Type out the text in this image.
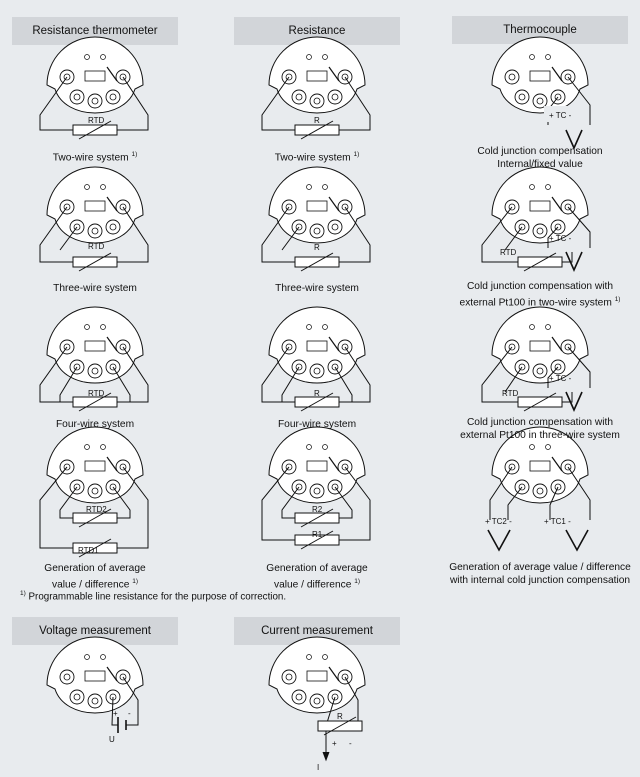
Resistance thermometer	Resistance	Thermocouple
Voltage measurement	Current measurement
RTD
RTD
RTD
RTD2
RTD1
R
R
R
R2
R1
+ TC -
+ TC -
RTD
+ TC -
RTD
+ TC2 -	+ TC1 -
+ -
U
R
+ -
I
Two-wire system $^{1)}$
Three-wire system
Four-wire system
Generation of average
value / difference $^{1)}$
Two-wire system $^{1)}$
Three-wire system
Four-wire system
Generation of average
value / difference $^{1)}$
Cold junction compensation
Internal/fixed value
Cold junction compensation with
external Pt100 in two-wire system $^{1)}$
Cold junction compensation with
external Pt100 in three-wire system
Generation of average value / difference
with internal cold junction compensation
$^{1)}$ Programmable line resistance for the purpose of correction.
